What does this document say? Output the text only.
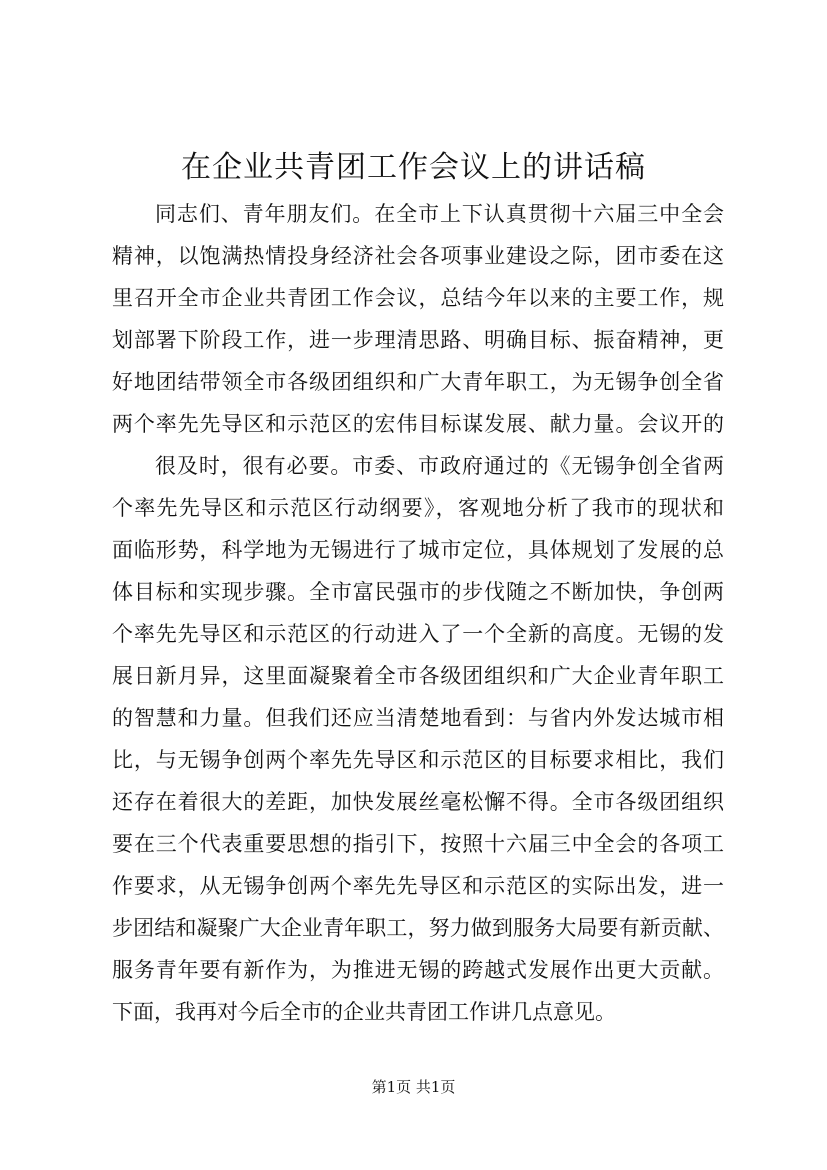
在企业共青团工作会议上的讲话稿
同志们、青年朋友们。在全市上下认真贯彻十六届三中全会
精神，以饱满热情投身经济社会各项事业建设之际，团市委在这
里召开全市企业共青团工作会议，总结今年以来的主要工作，规
划部署下阶段工作，进一步理清思路、明确目标、振奋精神，更
好地团结带领全市各级团组织和广大青年职工，为无锡争创全省
两个率先先导区和示范区的宏伟目标谋发展、献力量。会议开的
很及时，很有必要。市委、市政府通过的《无锡争创全省两
个率先先导区和示范区行动纲要》，客观地分析了我市的现状和
面临形势，科学地为无锡进行了城市定位，具体规划了发展的总
体目标和实现步骤。全市富民强市的步伐随之不断加快，争创两
个率先先导区和示范区的行动进入了一个全新的高度。无锡的发
展日新月异，这里面凝聚着全市各级团组织和广大企业青年职工
的智慧和力量。但我们还应当清楚地看到：与省内外发达城市相
比，与无锡争创两个率先先导区和示范区的目标要求相比，我们
还存在着很大的差距，加快发展丝毫松懈不得。全市各级团组织
要在三个代表重要思想的指引下，按照十六届三中全会的各项工
作要求，从无锡争创两个率先先导区和示范区的实际出发，进一
步团结和凝聚广大企业青年职工，努力做到服务大局要有新贡献、
服务青年要有新作为，为推进无锡的跨越式发展作出更大贡献。
下面，我再对今后全市的企业共青团工作讲几点意见。
第1页 共1页
